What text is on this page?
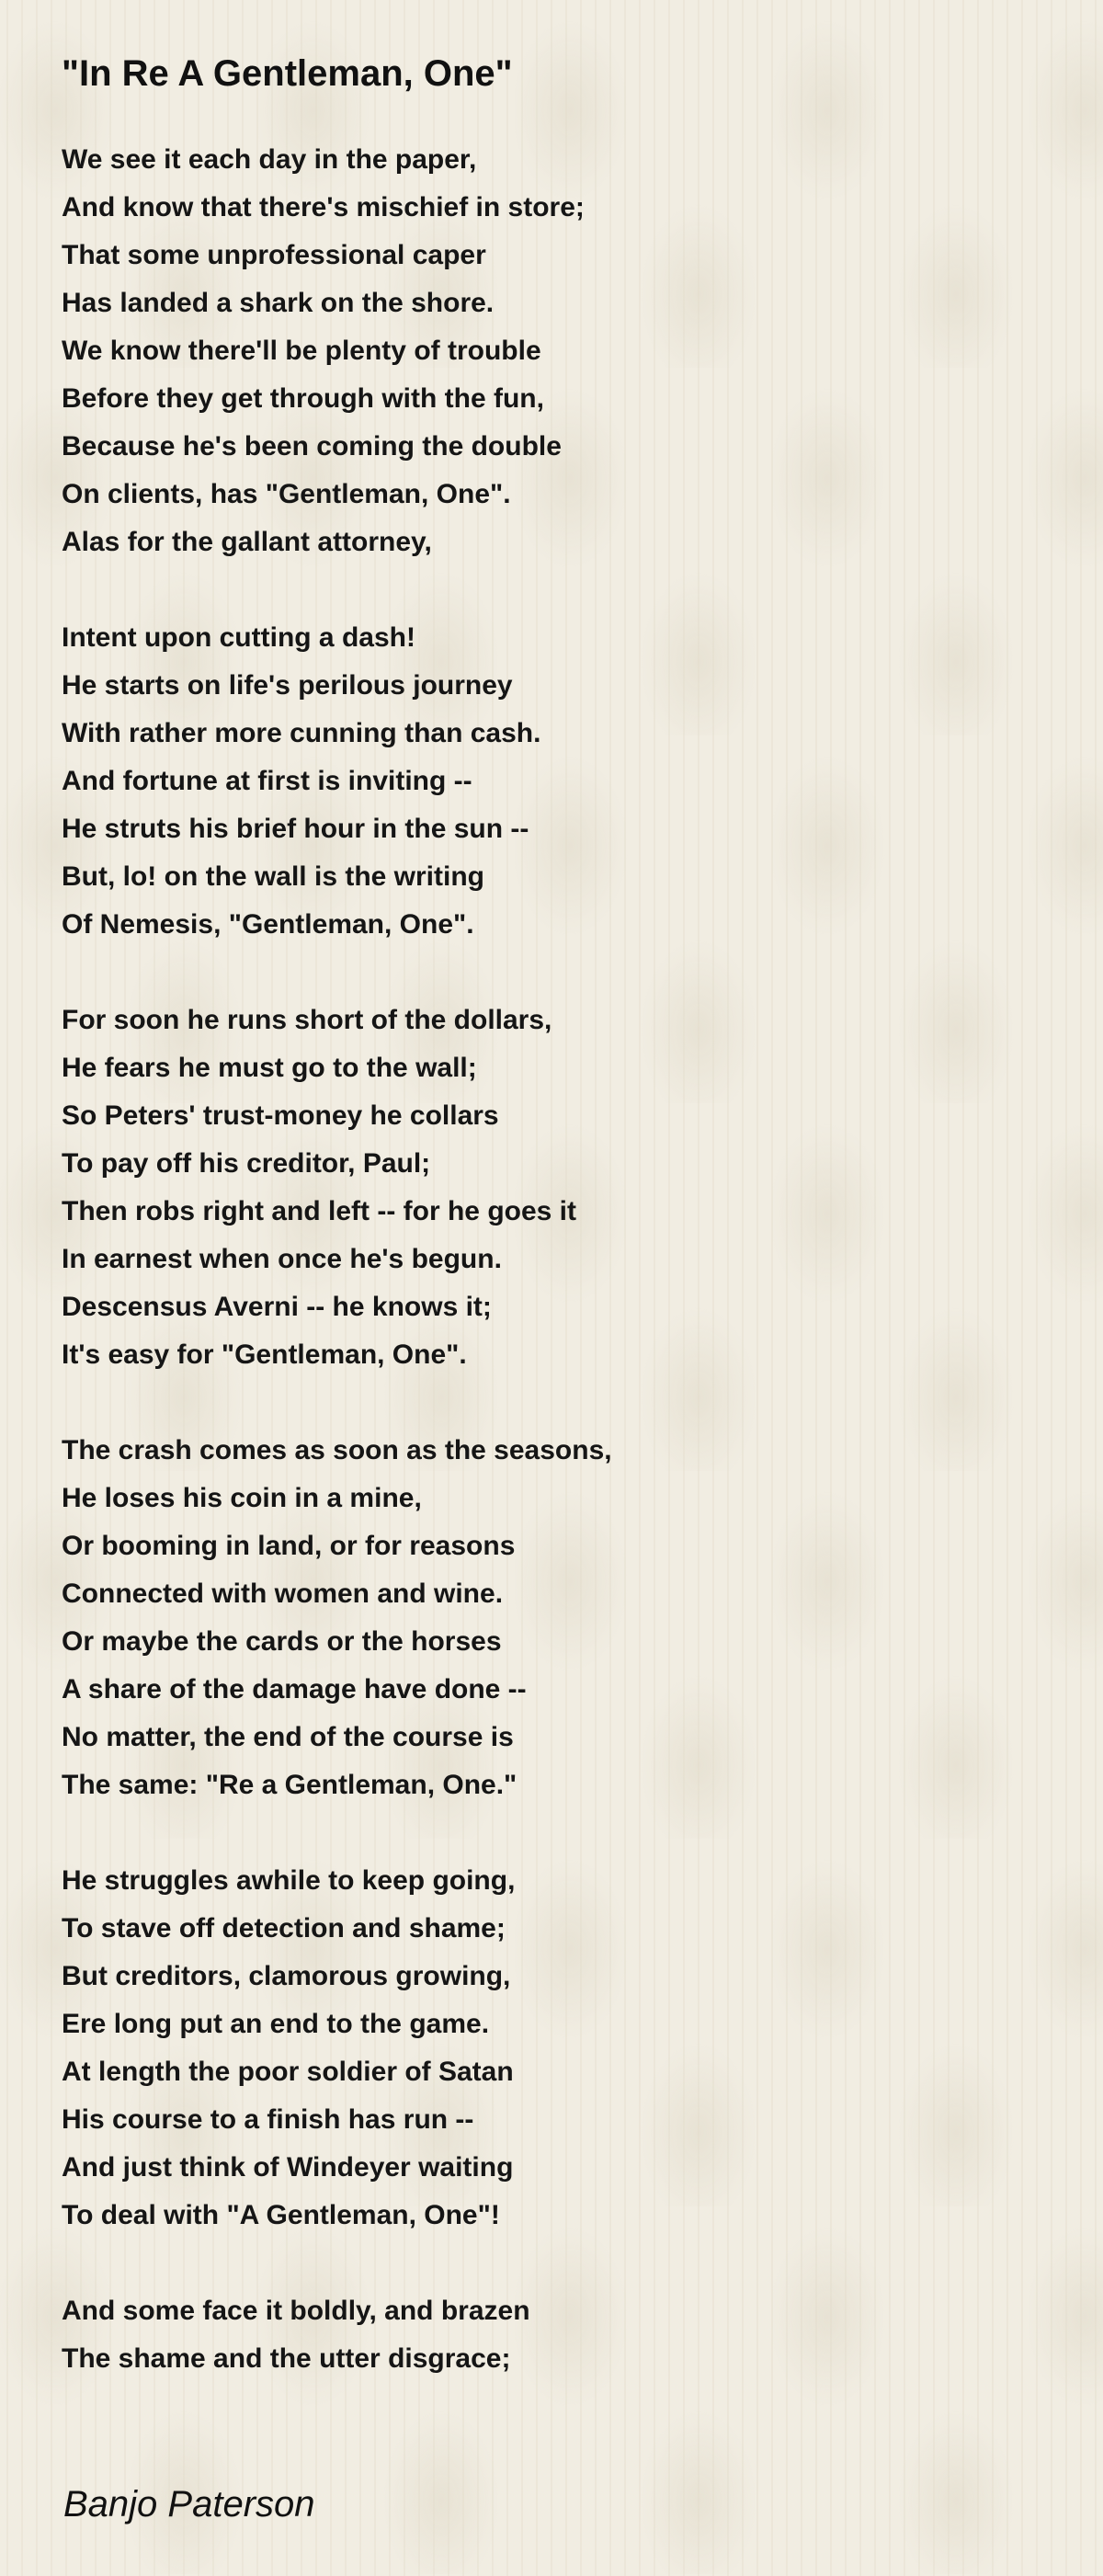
"In Re A Gentleman, One"
We see it each day in the paper,
And know that there's mischief in store;
That some unprofessional caper
Has landed a shark on the shore.
We know there'll be plenty of trouble
Before they get through with the fun,
Because he's been coming the double
On clients, has "Gentleman, One".
Alas for the gallant attorney,
Intent upon cutting a dash!
He starts on life's perilous journey
With rather more cunning than cash.
And fortune at first is inviting --
He struts his brief hour in the sun --
But, lo! on the wall is the writing
Of Nemesis, "Gentleman, One".
For soon he runs short of the dollars,
He fears he must go to the wall;
So Peters' trust-money he collars
To pay off his creditor, Paul;
Then robs right and left -- for he goes it
In earnest when once he's begun.
Descensus Averni -- he knows it;
It's easy for "Gentleman, One".
The crash comes as soon as the seasons,
He loses his coin in a mine,
Or booming in land, or for reasons
Connected with women and wine.
Or maybe the cards or the horses
A share of the damage have done --
No matter, the end of the course is
The same: "Re a Gentleman, One."
He struggles awhile to keep going,
To stave off detection and shame;
But creditors, clamorous growing,
Ere long put an end to the game.
At length the poor soldier of Satan
His course to a finish has run --
And just think of Windeyer waiting
To deal with "A Gentleman, One"!
And some face it boldly, and brazen
The shame and the utter disgrace;
Banjo Paterson
